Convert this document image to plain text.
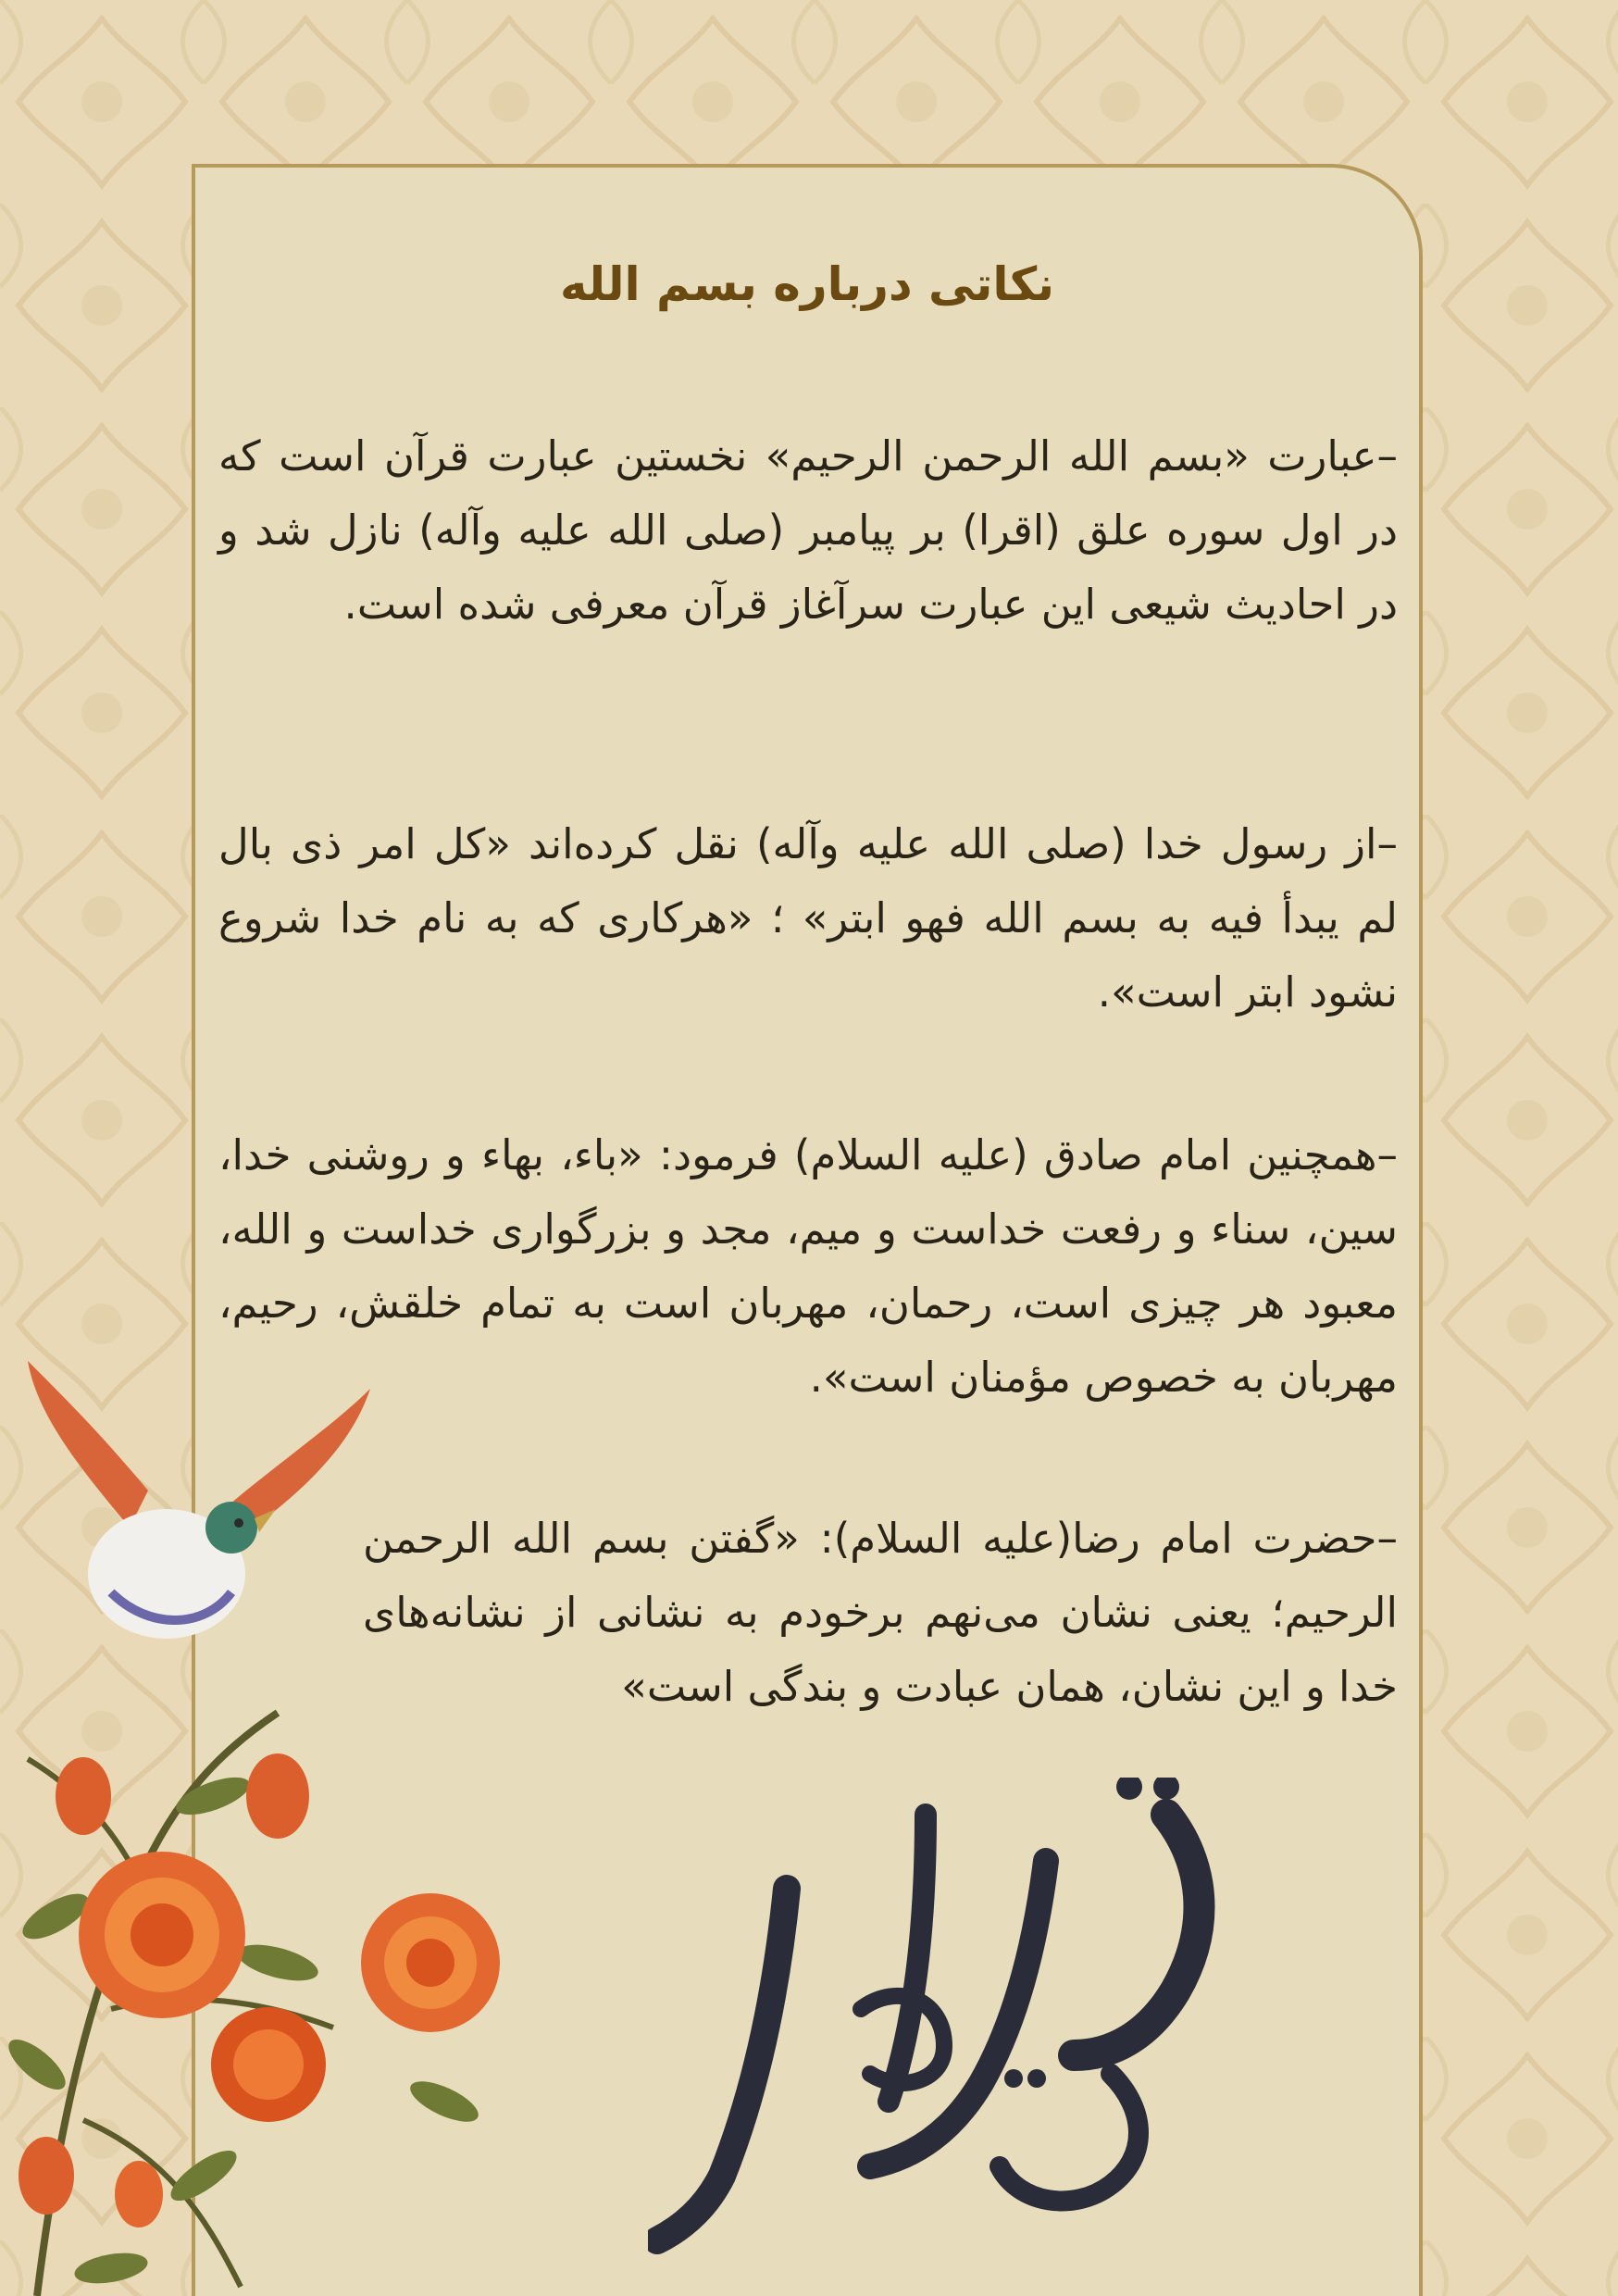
نکاتی درباره بسم الله
–عبارت «بسم الله الرحمن الرحیم» نخستین عبارت قرآن است که در اول سوره علق (اقرا) بر پیامبر (صلی الله علیه وآله) نازل شد و در احادیث شیعی این عبارت سرآغاز قرآن معرفی شده است.
–از رسول خدا (صلی الله علیه وآله) نقل کرده‌اند «کل امر ذی بال لم یبدأ فیه به بسم الله فهو ابتر» ؛ «هرکاری که به نام خدا شروع نشود ابتر است».
–همچنین امام صادق (علیه السلام) فرمود: «باء، بهاء و روشنی خدا، سین، سناء و رفعت خداست و میم، مجد و بزرگواری خداست و الله، معبود هر چیزی است، رحمان، مهربان است به تمام خلقش، رحیم، مهربان به خصوص مؤمنان است».
–حضرت امام رضا(علیه السلام): «گفتن بسم الله الرحمن الرحیم؛ یعنی نشان می‌نهم برخودم به نشانی از نشانه‌های خدا و این نشان، همان عبادت و بندگی است»
